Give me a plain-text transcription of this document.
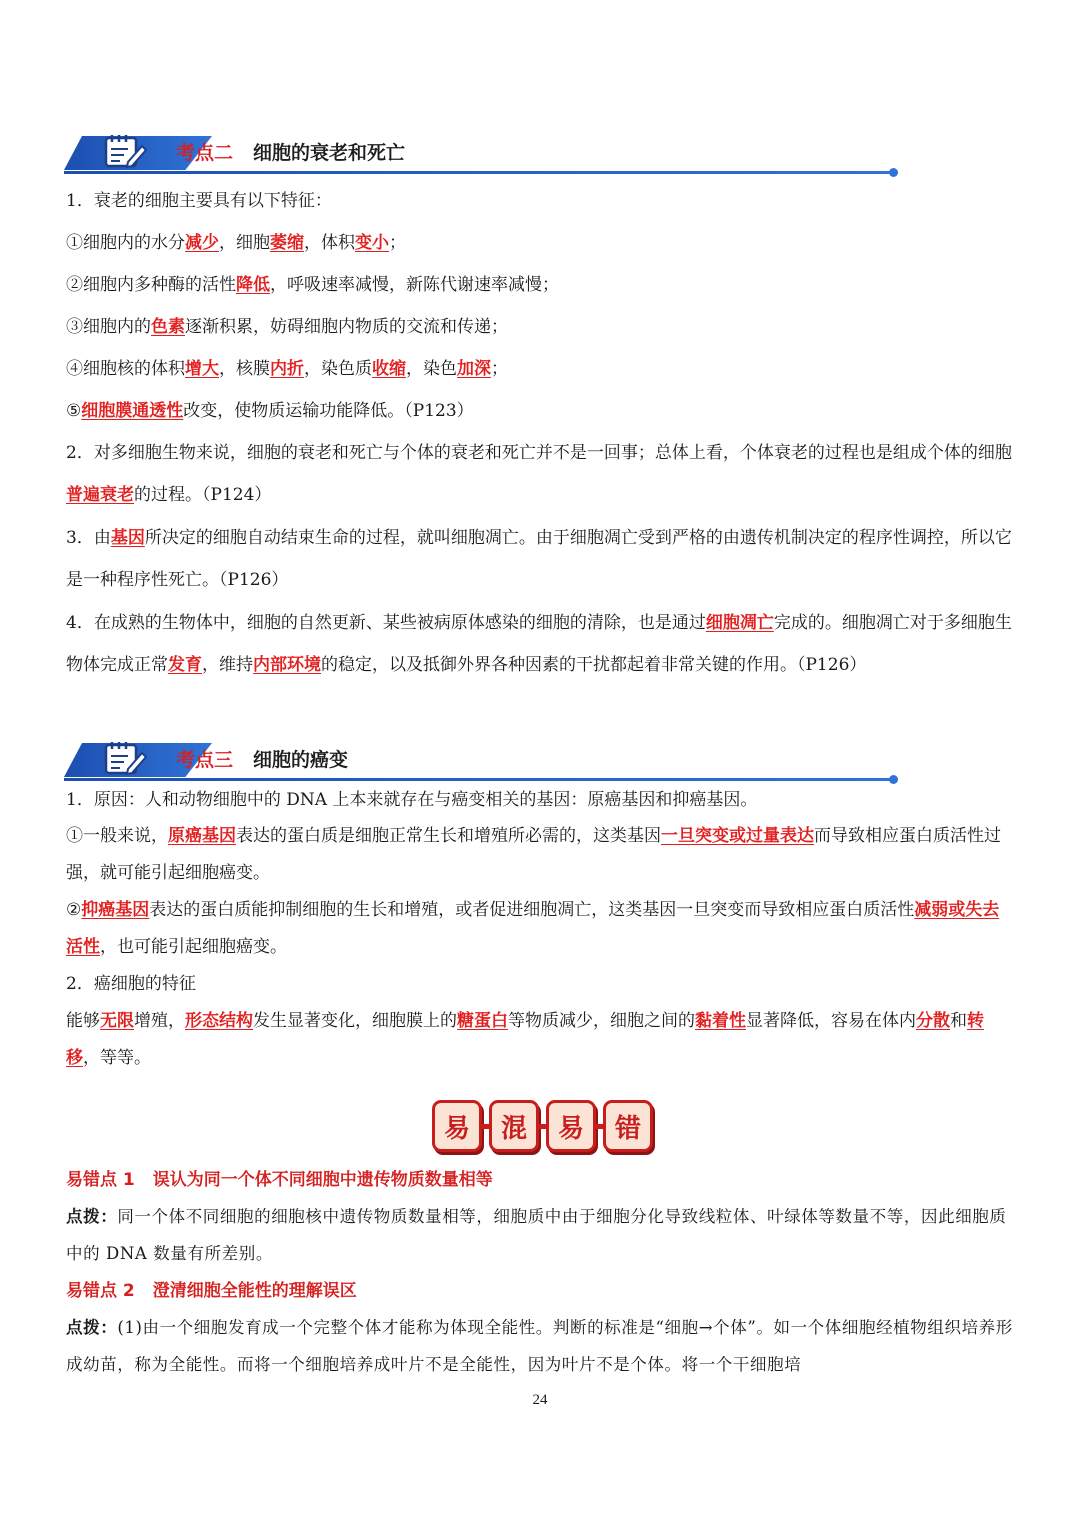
考点二 细胞的衰老和死亡

1．衰老的细胞主要具有以下特征：

①细胞内的水分减少，细胞萎缩，体积变小；

②细胞内多种酶的活性降低，呼吸速率减慢，新陈代谢速率减慢；

③细胞内的色素逐渐积累，妨碍细胞内物质的交流和传递；

④细胞核的体积增大，核膜内折，染色质收缩，染色加深；

⑤细胞膜通透性改变，使物质运输功能降低。（P123）

2．对多细胞生物来说，细胞的衰老和死亡与个体的衰老和死亡并不是一回事；总体上看，个体衰老的过程也是组成个体的细胞普遍衰老的过程。（P124）

3．由基因所决定的细胞自动结束生命的过程，就叫细胞凋亡。由于细胞凋亡受到严格的由遗传机制决定的程序性调控，所以它是一种程序性死亡。（P126）

4．在成熟的生物体中，细胞的自然更新、某些被病原体感染的细胞的清除，也是通过细胞凋亡完成的。细胞凋亡对于多细胞生物体完成正常发育，维持内部环境的稳定，以及抵御外界各种因素的干扰都起着非常关键的作用。（P126）

考点三 细胞的癌变

1．原因：人和动物细胞中的 DNA 上本来就存在与癌变相关的基因：原癌基因和抑癌基因。

①一般来说，原癌基因表达的蛋白质是细胞正常生长和增殖所必需的，这类基因一旦突变或过量表达而导致相应蛋白质活性过强，就可能引起细胞癌变。

②抑癌基因表达的蛋白质能抑制细胞的生长和增殖，或者促进细胞凋亡，这类基因一旦突变而导致相应蛋白质活性减弱或失去活性，也可能引起细胞癌变。

2．癌细胞的特征

能够无限增殖，形态结构发生显著变化，细胞膜上的糖蛋白等物质减少，细胞之间的黏着性显著降低，容易在体内分散和转移，等等。

易	混	易	错
易错点 1 误认为同一个体不同细胞中遗传物质数量相等

点拨：同一个体不同细胞的细胞核中遗传物质数量相等，细胞质中由于细胞分化导致线粒体、叶绿体等数量不等，因此细胞质中的 DNA 数量有所差别。

易错点 2 澄清细胞全能性的理解误区

点拨：(1)由一个细胞发育成一个完整个体才能称为体现全能性。判断的标准是“细胞→个体”。如一个体细胞经植物组织培养形成幼苗，称为全能性。而将一个细胞培养成叶片不是全能性，因为叶片不是个体。将一个干细胞培

24
